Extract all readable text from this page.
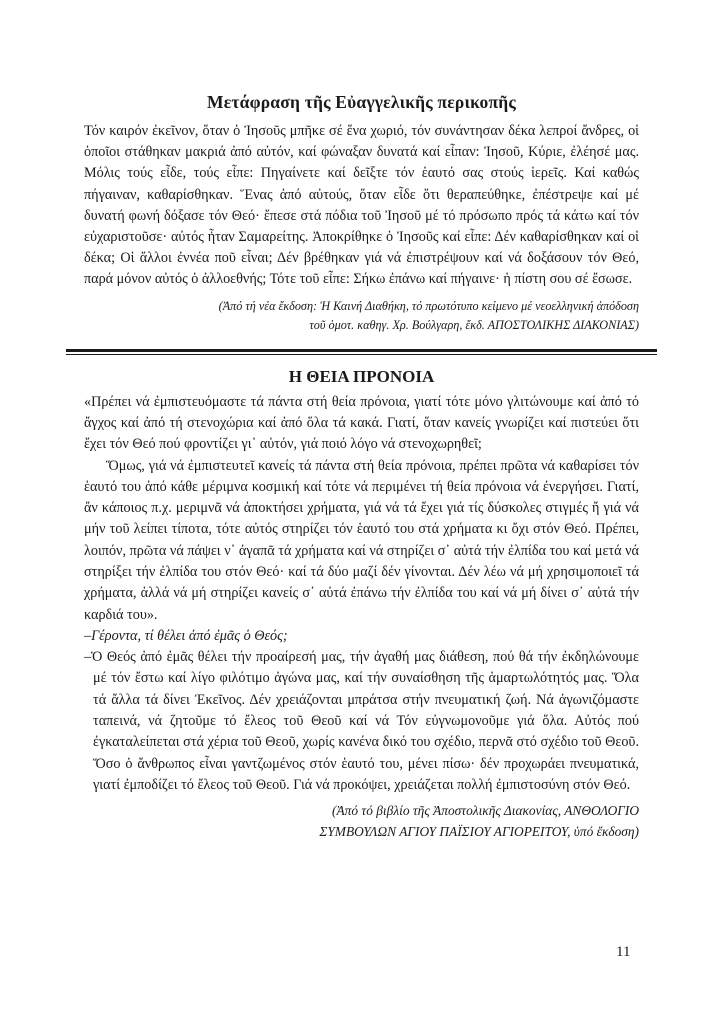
Μετάφραση τῆς Εὐαγγελικῆς περικοπῆς

Τόν καιρόν ἐκεῖνον, ὅταν ὁ Ἰησοῦς μπῆκε σέ ἕνα χωριό, τόν συνάντησαν δέκα λεπροί ἄνδρες, οἱ ὁποῖοι στάθηκαν μακριά ἀπό αὐτόν, καί φώναξαν δυνατά καί εἶπαν: Ἰησοῦ, Κύριε, ἐλέησέ μας. Μόλις τούς εἶδε, τούς εἶπε: Πηγαίνετε καί δεῖξτε τόν ἑαυτό σας στούς ἱερεῖς. Καί καθώς πήγαιναν, καθαρίσθηκαν. Ἕνας ἀπό αὐτούς, ὅταν εἶδε ὅτι θεραπεύθηκε, ἐπέστρεψε καί μέ δυνατή φωνή δόξασε τόν Θεό· ἔπεσε στά πόδια τοῦ Ἰησοῦ μέ τό πρόσωπο πρός τά κάτω καί τόν εὐχαριστοῦσε· αὐτός ἦταν Σαμαρείτης. Ἀποκρίθηκε ὁ Ἰησοῦς καί εἶπε: Δέν καθαρίσθηκαν καί οἱ δέκα; Οἱ ἄλλοι ἐννέα ποῦ εἶναι; Δέν βρέθηκαν γιά νά ἐπιστρέψουν καί νά δοξάσουν τόν Θεό, παρά μόνον αὐτός ὁ ἀλλοεθνής; Τότε τοῦ εἶπε: Σήκω ἐπάνω καί πήγαινε· ἡ πίστη σου σέ ἔσωσε.

(Ἀπό τή νέα ἔκδοση: Ἡ Καινή Διαθήκη, τό πρωτότυπο κείμενο μέ νεοελληνική ἀπόδοση
τοῦ ὁμοτ. καθηγ. Χρ. Βούλγαρη, ἔκδ. ΑΠΟΣΤΟΛΙΚΗΣ ΔΙΑΚΟΝΙΑΣ)
Η ΘΕΙΑ ΠΡΟΝΟΙΑ

«Πρέπει νά ἐμπιστευόμαστε τά πάντα στή θεία πρόνοια, γιατί τότε μόνο γλιτώνουμε καί ἀπό τό ἄγχος καί ἀπό τή στενοχώρια καί ἀπό ὅλα τά κακά. Γιατί, ὅταν κανείς γνωρίζει καί πιστεύει ὅτι ἔχει τόν Θεό πού φροντίζει γι᾽ αὐτόν, γιά ποιό λόγο νά στενοχωρηθεῖ;

Ὅμως, γιά νά ἐμπιστευτεῖ κανείς τά πάντα στή θεία πρόνοια, πρέπει πρῶτα νά καθαρίσει τόν ἑαυτό του ἀπό κάθε μέριμνα κοσμική καί τότε νά περιμένει τή θεία πρόνοια νά ἐνεργήσει. Γιατί, ἄν κάποιος π.χ. μεριμνᾶ νά ἀποκτήσει χρήματα, γιά νά τά ἔχει γιά τίς δύσκολες στιγμές ἤ γιά νά μήν τοῦ λείπει τίποτα, τότε αὐτός στηρίζει τόν ἑαυτό του στά χρήματα κι ὄχι στόν Θεό. Πρέπει, λοιπόν, πρῶτα νά πάψει ν᾽ ἀγαπᾶ τά χρήματα καί νά στηρίζει σ᾽ αὐτά τήν ἐλπίδα του καί μετά νά στηρίξει τήν ἐλπίδα του στόν Θεό· καί τά δύο μαζί δέν γίνονται. Δέν λέω νά μή χρησιμοποιεῖ τά χρήματα, ἀλλά νά μή στηρίζει κανείς σ᾽ αὐτά ἐπάνω τήν ἐλπίδα του καί νά μή δίνει σ᾽ αὐτά τήν καρδιά του».

–Γέροντα, τί θέλει ἀπό ἐμᾶς ὁ Θεός;

–Ὁ Θεός ἀπό ἐμᾶς θέλει τήν προαίρεσή μας, τήν ἀγαθή μας διάθεση, πού θά τήν ἐκδηλώνουμε μέ τόν ἔστω καί λίγο φιλότιμο ἀγώνα μας, καί τήν συναίσθηση τῆς ἁμαρτωλότητός μας. Ὅλα τά ἄλλα τά δίνει Ἐκεῖνος. Δέν χρειάζονται μπράτσα στήν πνευματική ζωή. Νά ἀγωνιζόμαστε ταπεινά, νά ζητοῦμε τό ἔλεος τοῦ Θεοῦ καί νά Τόν εὐγνωμονοῦμε γιά ὅλα. Αὐτός πού ἐγκαταλείπεται στά χέρια τοῦ Θεοῦ, χωρίς κανένα δικό του σχέδιο, περνᾶ στό σχέδιο τοῦ Θεοῦ. Ὅσο ὁ ἄνθρωπος εἶναι γαντζωμένος στόν ἑαυτό του, μένει πίσω· δέν προχωράει πνευματικά, γιατί ἐμποδίζει τό ἔλεος τοῦ Θεοῦ. Γιά νά προκόψει, χρειάζεται πολλή ἐμπιστοσύνη στόν Θεό.

(Ἀπό τό βιβλίο τῆς Ἀποστολικῆς Διακονίας, ΑΝΘΟΛΟΓΙΟ
ΣΥΜΒΟΥΛΩΝ ΑΓΙΟΥ ΠΑΪΣΙΟΥ ΑΓΙΟΡΕΙΤΟΥ, ὑπό ἔκδοση)
11
